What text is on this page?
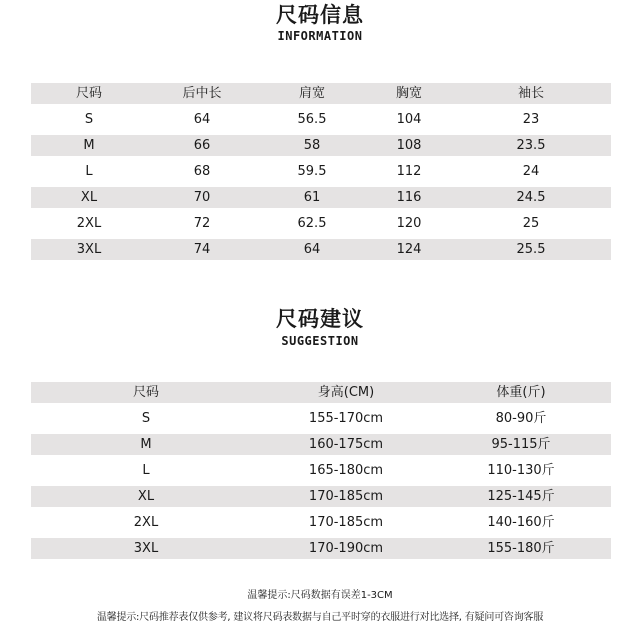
尺码信息
INFORMATION
尺码	后中长	肩宽	胸宽	袖长
S	64	56.5	104	23
M	66	58	108	23.5
L	68	59.5	112	24
XL	70	61	116	24.5
2XL	72	62.5	120	25
3XL	74	64	124	25.5
尺码建议
SUGGESTION
尺码	身高(CM)	体重(斤)
S	155-170cm	80-90斤
M	160-175cm	95-115斤
L	165-180cm	110-130斤
XL	170-185cm	125-145斤
2XL	170-185cm	140-160斤
3XL	170-190cm	155-180斤
温馨提示:尺码数据有误差1-3CM
温馨提示:尺码推荐表仅供参考, 建议将尺码表数据与自己平时穿的衣服进行对比选择, 有疑问可咨询客服
